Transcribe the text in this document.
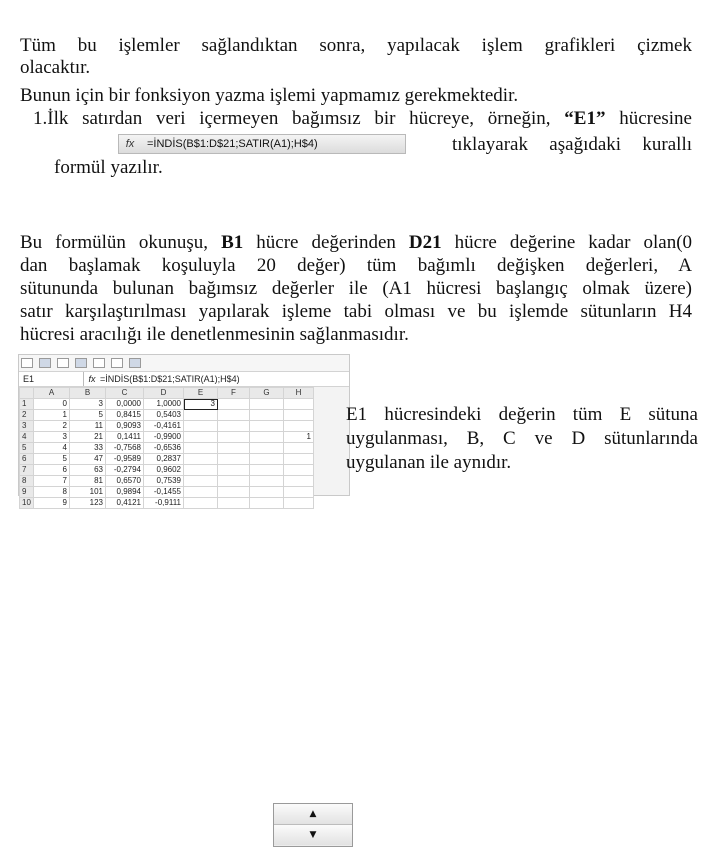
Tüm bu işlemler sağlandıktan sonra, yapılacak işlem grafikleri çizmek
olacaktır.
Bunun için bir fonksiyon yazma işlemi yapmamız gerekmektedir.
1.İlk satırdan veri içermeyen bağımsız bir hücreye, örneğin, “E1” hücresine
fx	=İNDİS(B$1:D$21;SATIR(A1);H$4)	tıklayarak aşağıdaki kurallı
formül yazılır.
Bu formülün okunuşu, B1 hücre değerinden D21 hücre değerine kadar olan(0
dan başlamak koşuluyla 20 değer) tüm bağımlı değişken değerleri, A
sütununda bulunan bağımsız değerler ile (A1 hücresi başlangıç olmak üzere)
satır karşılaştırılması yapılarak işleme tabi olması ve bu işlemde sütunların H4
hücresi aracılığı ile denetlenmesinin sağlanmasıdır.
E1	fx =İNDİS(B$1:D$21;SATIR(A1);H$4)
	A	B	C	D	E	F	G	H
1	0	3	0,0000	1,0000	3			
2	1	5	0,8415	0,5403				
3	2	11	0,9093	-0,4161				
4	3	21	0,1411	-0,9900				1
5	4	33	-0,7568	-0,6536				
6	5	47	-0,9589	0,2837				
7	6	63	-0,2794	0,9602				
8	7	81	0,6570	0,7539				
9	8	101	0,9894	-0,1455				
10	9	123	0,4121	-0,9111				
▲
▼
E1 hücresindeki değerin tüm E sütuna
uygulanması, B, C ve D sütunlarında
uygulanan ile aynıdır.
